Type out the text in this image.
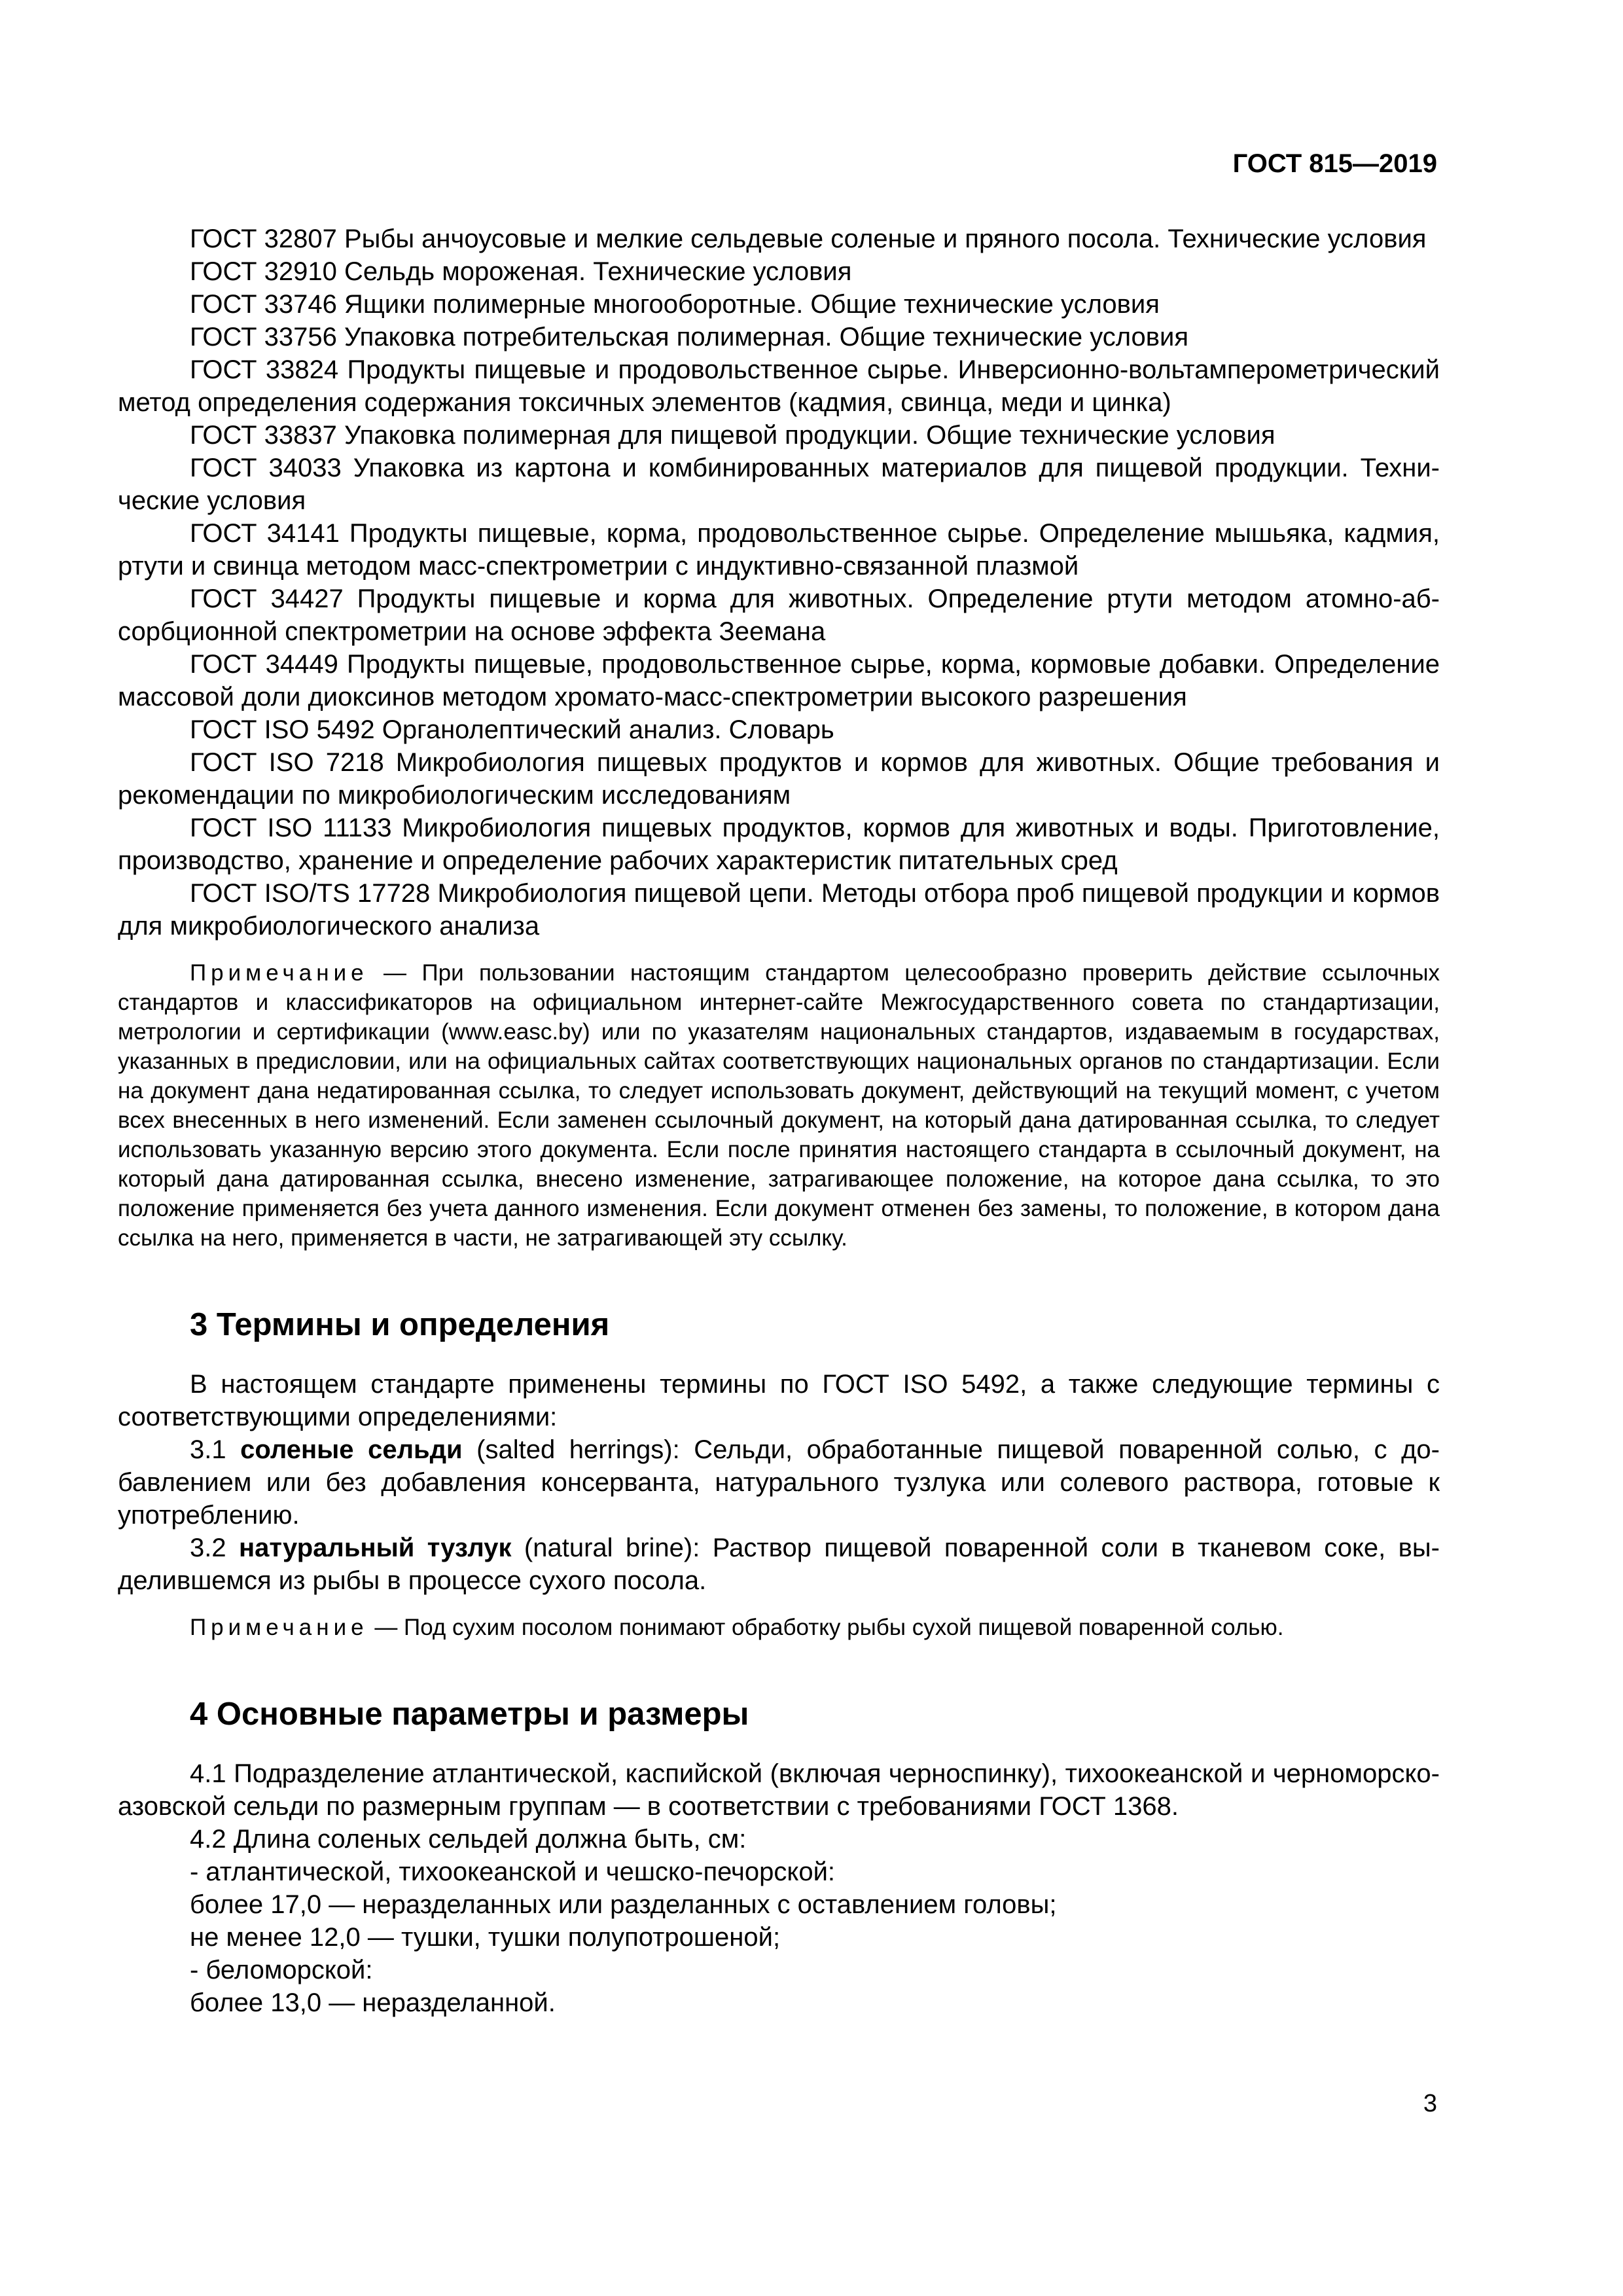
ГОСТ 815—2019

ГОСТ 32807 Рыбы анчоусовые и мелкие сельдевые соленые и пряного посола. Технические условия

ГОСТ 32910 Сельдь мороженая. Технические условия

ГОСТ 33746 Ящики полимерные многооборотные. Общие технические условия

ГОСТ 33756 Упаковка потребительская полимерная. Общие технические условия

ГОСТ 33824 Продукты пищевые и продовольственное сырье. Инверсионно-вольтамперометрический метод определения содержания токсичных элементов (кадмия, свинца, меди и цинка)

ГОСТ 33837 Упаковка полимерная для пищевой продукции. Общие технические условия

ГОСТ 34033 Упаковка из картона и комбинированных материалов для пищевой продукции. Технические условия

ГОСТ 34141 Продукты пищевые, корма, продовольственное сырье. Определение мышьяка, кадмия, ртути и свинца методом масс-спектрометрии с индуктивно-связанной плазмой

ГОСТ 34427 Продукты пищевые и корма для животных. Определение ртути методом атомно-абсорбционной спектрометрии на основе эффекта Зеемана

ГОСТ 34449 Продукты пищевые, продовольственное сырье, корма, кормовые добавки. Определение массовой доли диоксинов методом хромато-масс-спектрометрии высокого разрешения

ГОСТ ISO 5492 Органолептический анализ. Словарь

ГОСТ ISO 7218 Микробиология пищевых продуктов и кормов для животных. Общие требования и рекомендации по микробиологическим исследованиям

ГОСТ ISO 11133 Микробиология пищевых продуктов, кормов для животных и воды. Приготовление, производство, хранение и определение рабочих характеристик питательных сред

ГОСТ ISO/TS 17728 Микробиология пищевой цепи. Методы отбора проб пищевой продукции и кормов для микробиологического анализа

Примечание — При пользовании настоящим стандартом целесообразно проверить действие ссылочных стандартов и классификаторов на официальном интернет-сайте Межгосударственного совета по стандартизации, метрологии и сертификации (www.easc.by) или по указателям национальных стандартов, издаваемым в государствах, указанных в предисловии, или на официальных сайтах соответствующих национальных органов по стандартизации. Если на документ дана недатированная ссылка, то следует использовать документ, действующий на текущий момент, с учетом всех внесенных в него изменений. Если заменен ссылочный документ, на который дана датированная ссылка, то следует использовать указанную версию этого документа. Если после принятия настоящего стандарта в ссылочный документ, на который дана датированная ссылка, внесено изменение, затрагивающее положение, на которое дана ссылка, то это положение применяется без учета данного изменения. Если документ отменен без замены, то положение, в котором дана ссылка на него, применяется в части, не затрагивающей эту ссылку.

3 Термины и определения

В настоящем стандарте применены термины по ГОСТ ISO 5492, а также следующие термины с соответствующими определениями:

3.1 соленые сельди (salted herrings): Сельди, обработанные пищевой поваренной солью, с добавлением или без добавления консерванта, натурального тузлука или солевого раствора, готовые к употреблению.

3.2 натуральный тузлук (natural brine): Раствор пищевой поваренной соли в тканевом соке, выделившемся из рыбы в процессе сухого посола.

Примечание — Под сухим посолом понимают обработку рыбы сухой пищевой поваренной солью.

4 Основные параметры и размеры

4.1 Подразделение атлантической, каспийской (включая черноспинку), тихоокеанской и черноморско-азовской сельди по размерным группам — в соответствии с требованиями ГОСТ 1368.

4.2 Длина соленых сельдей должна быть, см:

- атлантической, тихоокеанской и чешско-печорской:

более 17,0 — неразделанных или разделанных с оставлением головы;

не менее 12,0 — тушки, тушки полупотрошеной;

- беломорской:

более 13,0 — неразделанной.

3
